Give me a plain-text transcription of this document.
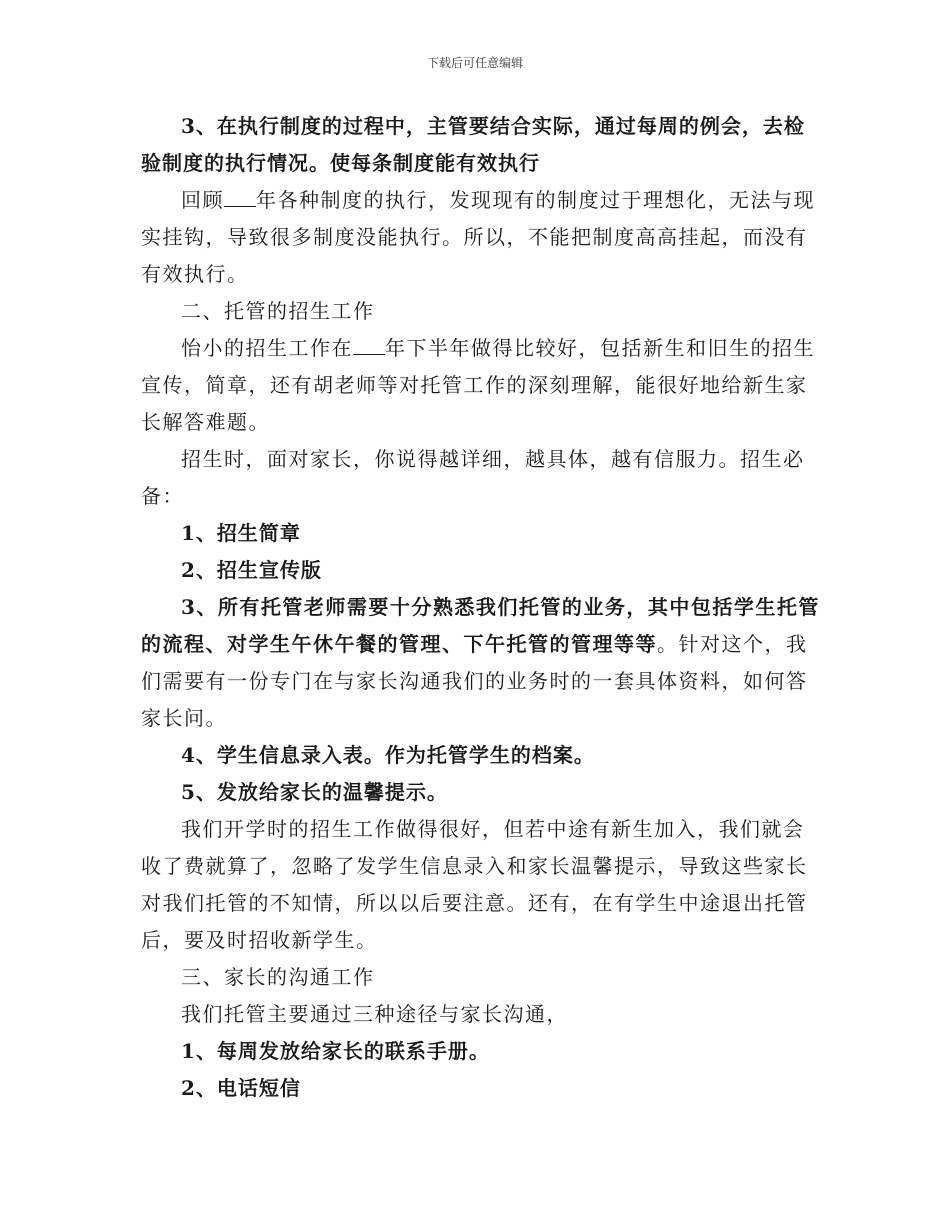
下载后可任意编辑

3、在执行制度的过程中，主管要结合实际，通过每周的例会，去检验制度的执行情况。使每条制度能有效执行

回顾 年各种制度的执行，发现现有的制度过于理想化，无法与现实挂钩，导致很多制度没能执行。所以，不能把制度高高挂起，而没有有效执行。

二、托管的招生工作

怡小的招生工作在 年下半年做得比较好，包括新生和旧生的招生宣传，简章，还有胡老师等对托管工作的深刻理解，能很好地给新生家长解答难题。

招生时，面对家长，你说得越详细，越具体，越有信服力。招生必备：

1、招生简章

2、招生宣传版

3、所有托管老师需要十分熟悉我们托管的业务，其中包括学生托管的流程、对学生午休午餐的管理、下午托管的管理等等。针对这个，我们需要有一份专门在与家长沟通我们的业务时的一套具体资料，如何答家长问。

4、学生信息录入表。作为托管学生的档案。

5、发放给家长的温馨提示。

我们开学时的招生工作做得很好，但若中途有新生加入，我们就会收了费就算了，忽略了发学生信息录入和家长温馨提示，导致这些家长对我们托管的不知情，所以以后要注意。还有，在有学生中途退出托管后，要及时招收新学生。

三、家长的沟通工作

我们托管主要通过三种途径与家长沟通，

1、每周发放给家长的联系手册。

2、电话短信
